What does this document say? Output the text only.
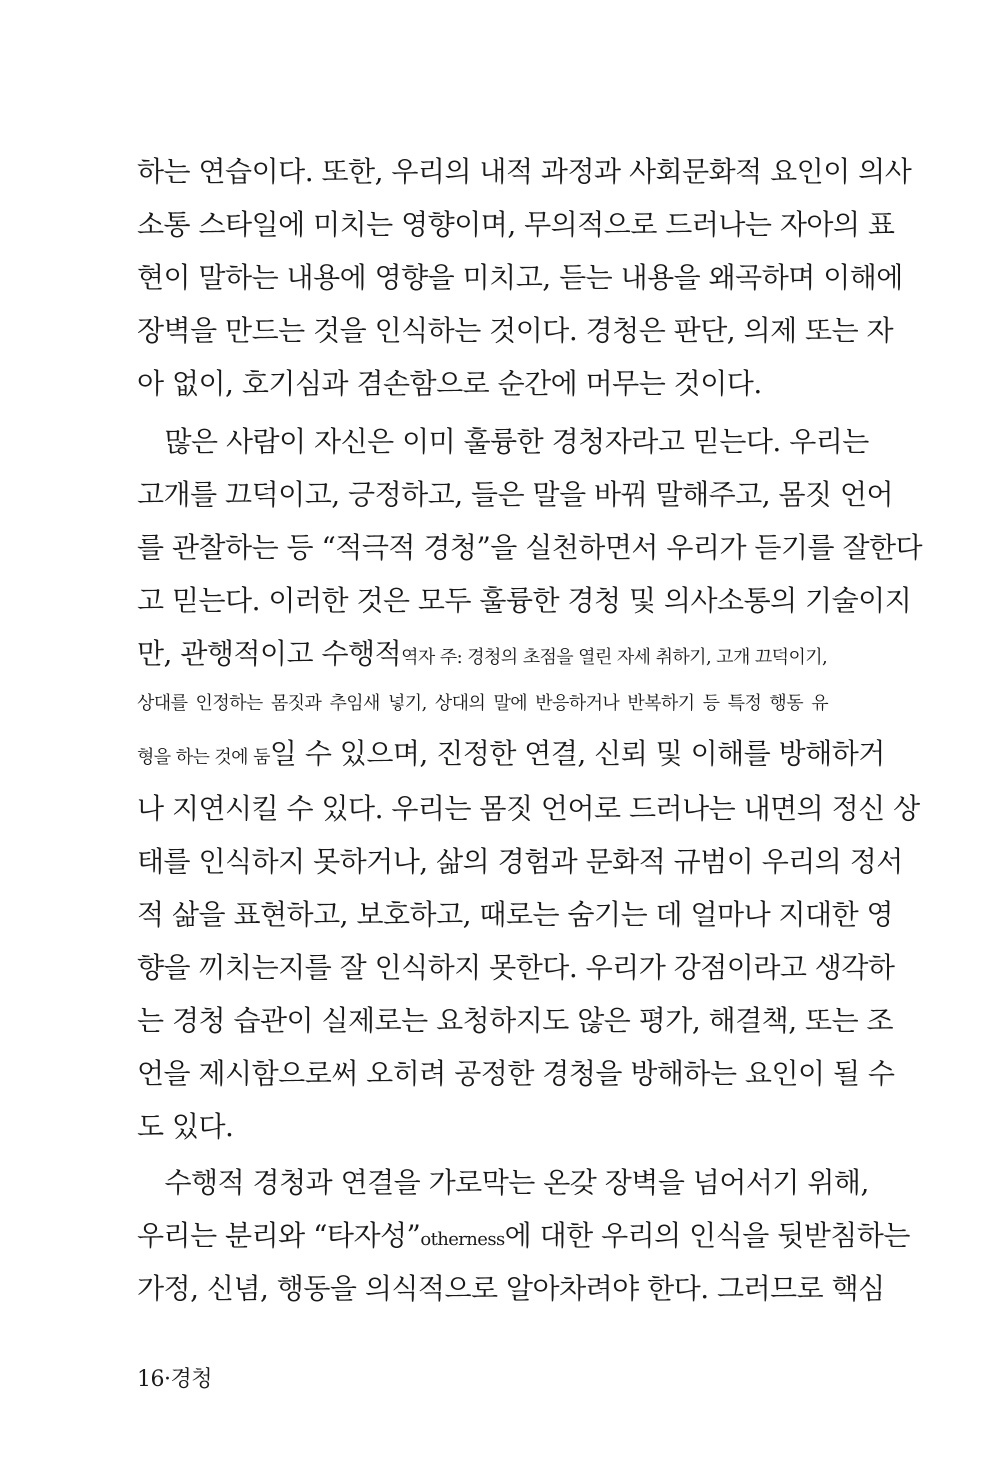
하는 연습이다. 또한, 우리의 내적 과정과 사회문화적 요인이 의사
소통 스타일에 미치는 영향이며, 무의적으로 드러나는 자아의 표
현이 말하는 내용에 영향을 미치고, 듣는 내용을 왜곡하며 이해에
장벽을 만드는 것을 인식하는 것이다. 경청은 판단, 의제 또는 자
아 없이, 호기심과 겸손함으로 순간에 머무는 것이다.
　많은 사람이 자신은 이미 훌륭한 경청자라고 믿는다. 우리는
고개를 끄덕이고, 긍정하고, 들은 말을 바꿔 말해주고, 몸짓 언어
를 관찰하는 등 “적극적 경청”을 실천하면서 우리가 듣기를 잘한다
고 믿는다. 이러한 것은 모두 훌륭한 경청 및 의사소통의 기술이지
만, 관행적이고 수행적역자 주: 경청의 초점을 열린 자세 취하기, 고개 끄덕이기,
상대를 인정하는 몸짓과 추임새 넣기, 상대의 말에 반응하거나 반복하기 등 특정 행동 유
형을 하는 것에 둠일 수 있으며, 진정한 연결, 신뢰 및 이해를 방해하거
나 지연시킬 수 있다. 우리는 몸짓 언어로 드러나는 내면의 정신 상
태를 인식하지 못하거나, 삶의 경험과 문화적 규범이 우리의 정서
적 삶을 표현하고, 보호하고, 때로는 숨기는 데 얼마나 지대한 영
향을 끼치는지를 잘 인식하지 못한다. 우리가 강점이라고 생각하
는 경청 습관이 실제로는 요청하지도 않은 평가, 해결책, 또는 조
언을 제시함으로써 오히려 공정한 경청을 방해하는 요인이 될 수
도 있다.
　수행적 경청과 연결을 가로막는 온갖 장벽을 넘어서기 위해,
우리는 분리와 “타자성”otherness에 대한 우리의 인식을 뒷받침하는
가정, 신념, 행동을 의식적으로 알아차려야 한다. 그러므로 핵심
16·경청
